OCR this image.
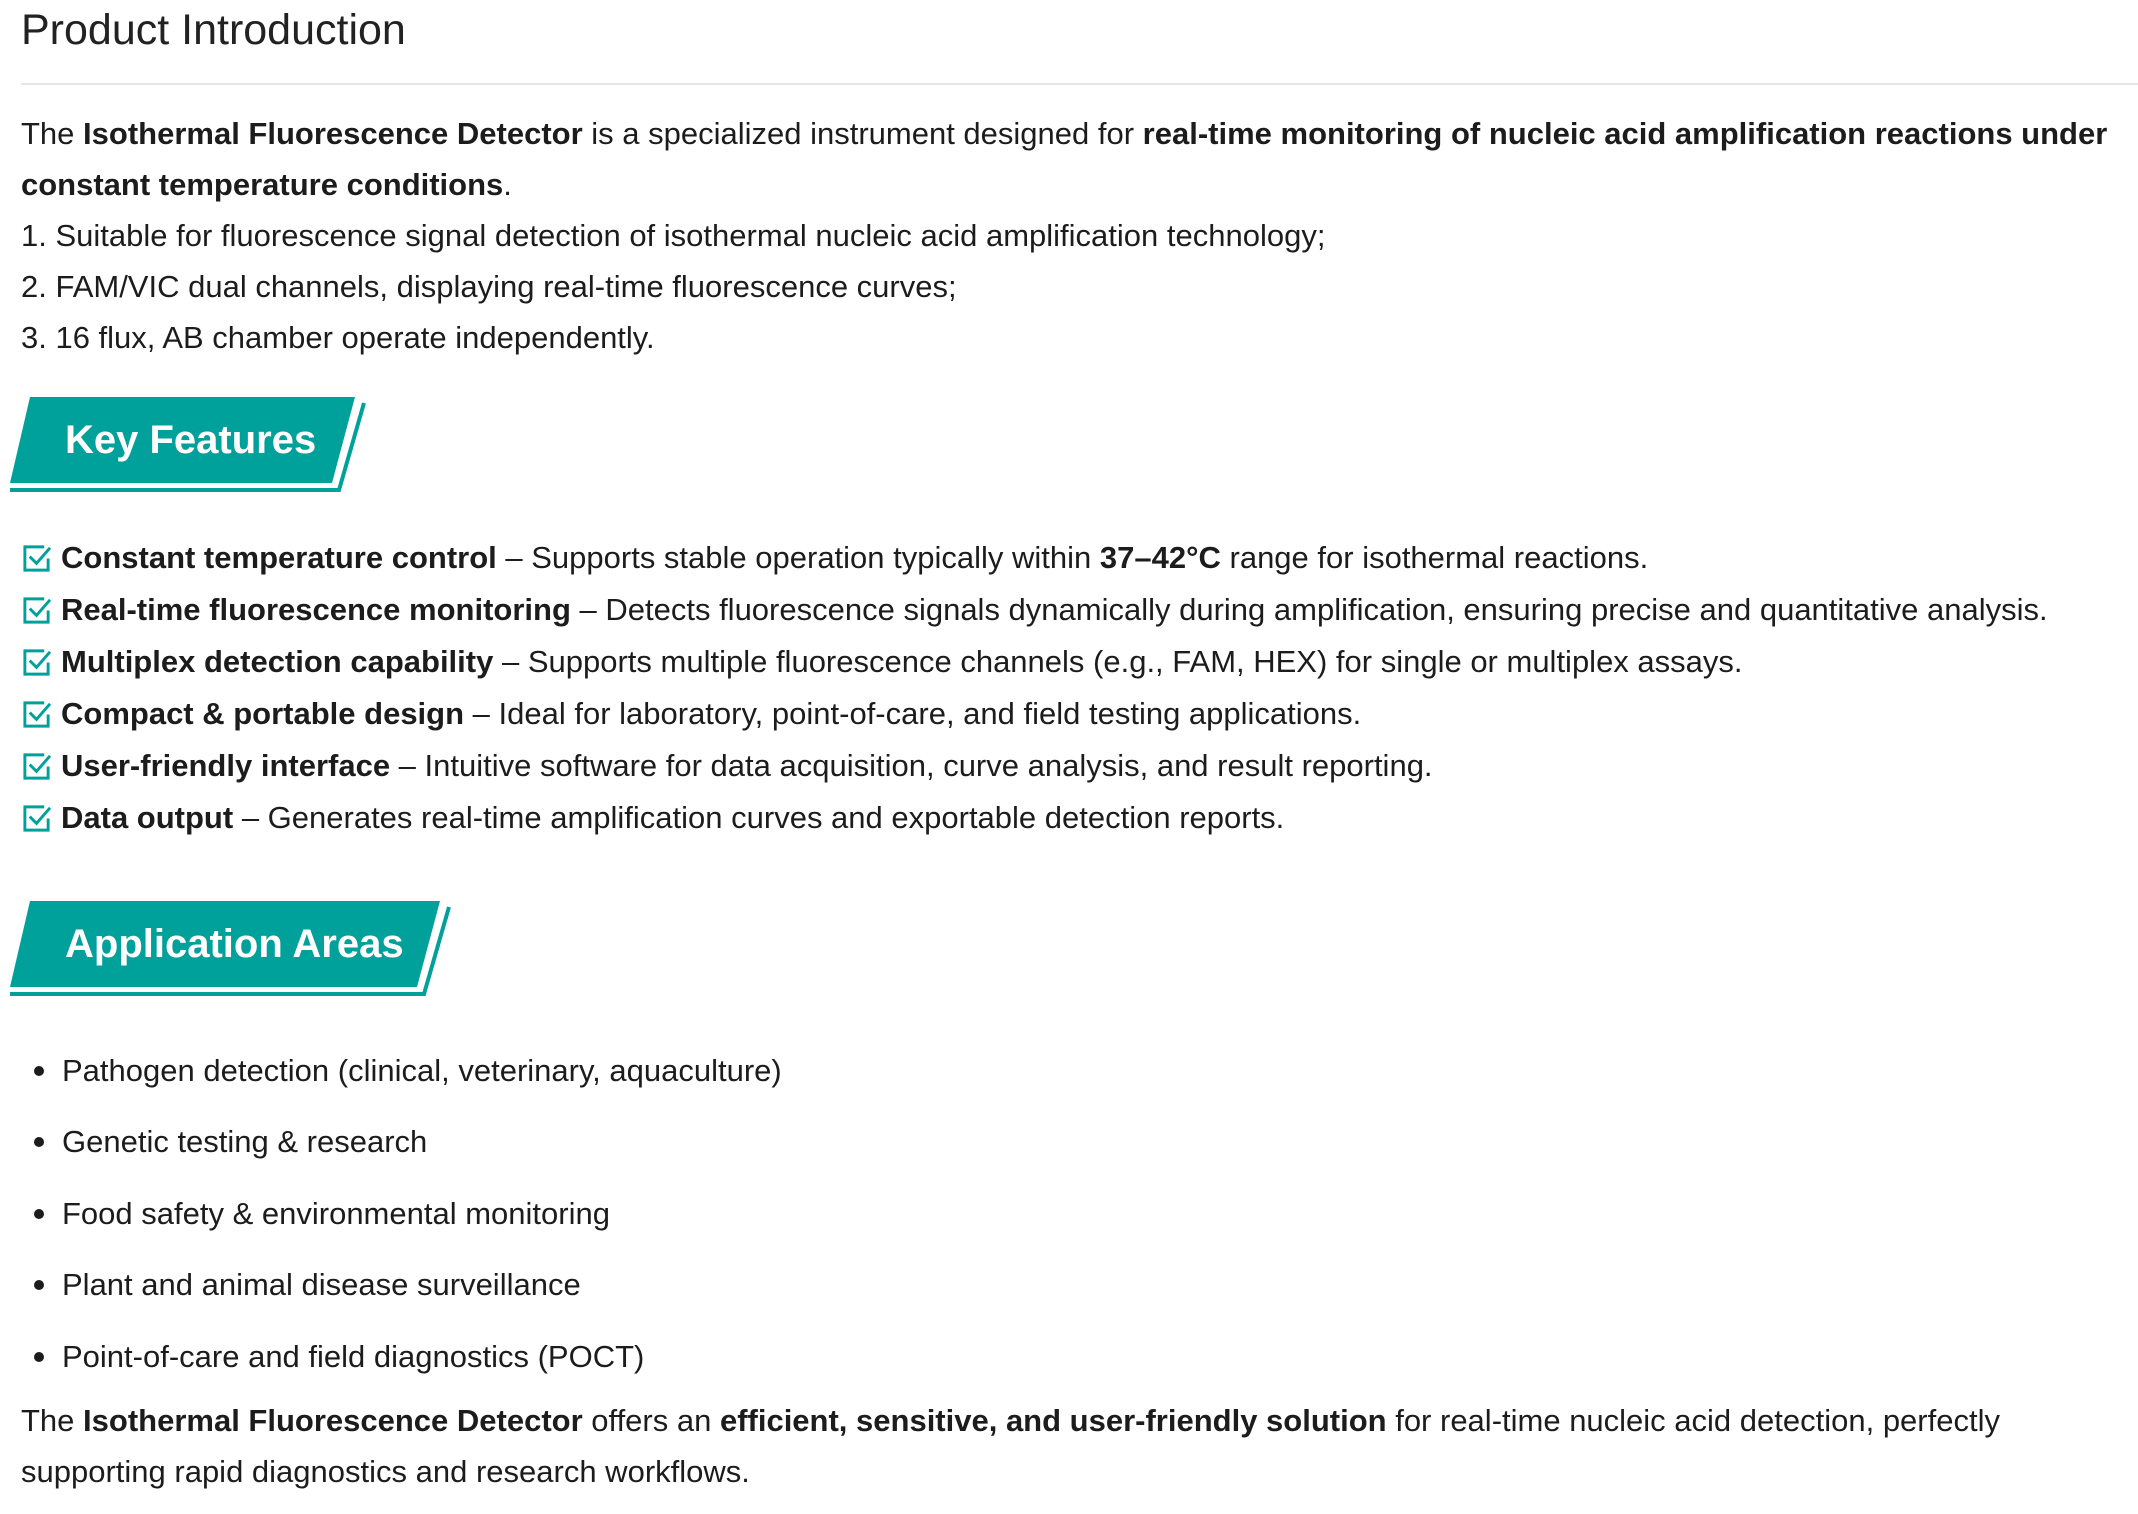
Product Introduction
The Isothermal Fluorescence Detector is a specialized instrument designed for real-time monitoring of nucleic acid amplification reactions under constant temperature conditions.
1. Suitable for fluorescence signal detection of isothermal nucleic acid amplification technology;
2. FAM/VIC dual channels, displaying real-time fluorescence curves;
3. 16 flux, AB chamber operate independently.
Key Features
Constant temperature control – Supports stable operation typically within 37–42°C range for isothermal reactions.
Real-time fluorescence monitoring – Detects fluorescence signals dynamically during amplification, ensuring precise and quantitative analysis.
Multiplex detection capability – Supports multiple fluorescence channels (e.g., FAM, HEX) for single or multiplex assays.
Compact & portable design – Ideal for laboratory, point-of-care, and field testing applications.
User-friendly interface – Intuitive software for data acquisition, curve analysis, and result reporting.
Data output – Generates real-time amplification curves and exportable detection reports.
Application Areas
Pathogen detection (clinical, veterinary, aquaculture)
Genetic testing & research
Food safety & environmental monitoring
Plant and animal disease surveillance
Point-of-care and field diagnostics (POCT)
The Isothermal Fluorescence Detector offers an efficient, sensitive, and user-friendly solution for real-time nucleic acid detection, perfectly supporting rapid diagnostics and research workflows.
